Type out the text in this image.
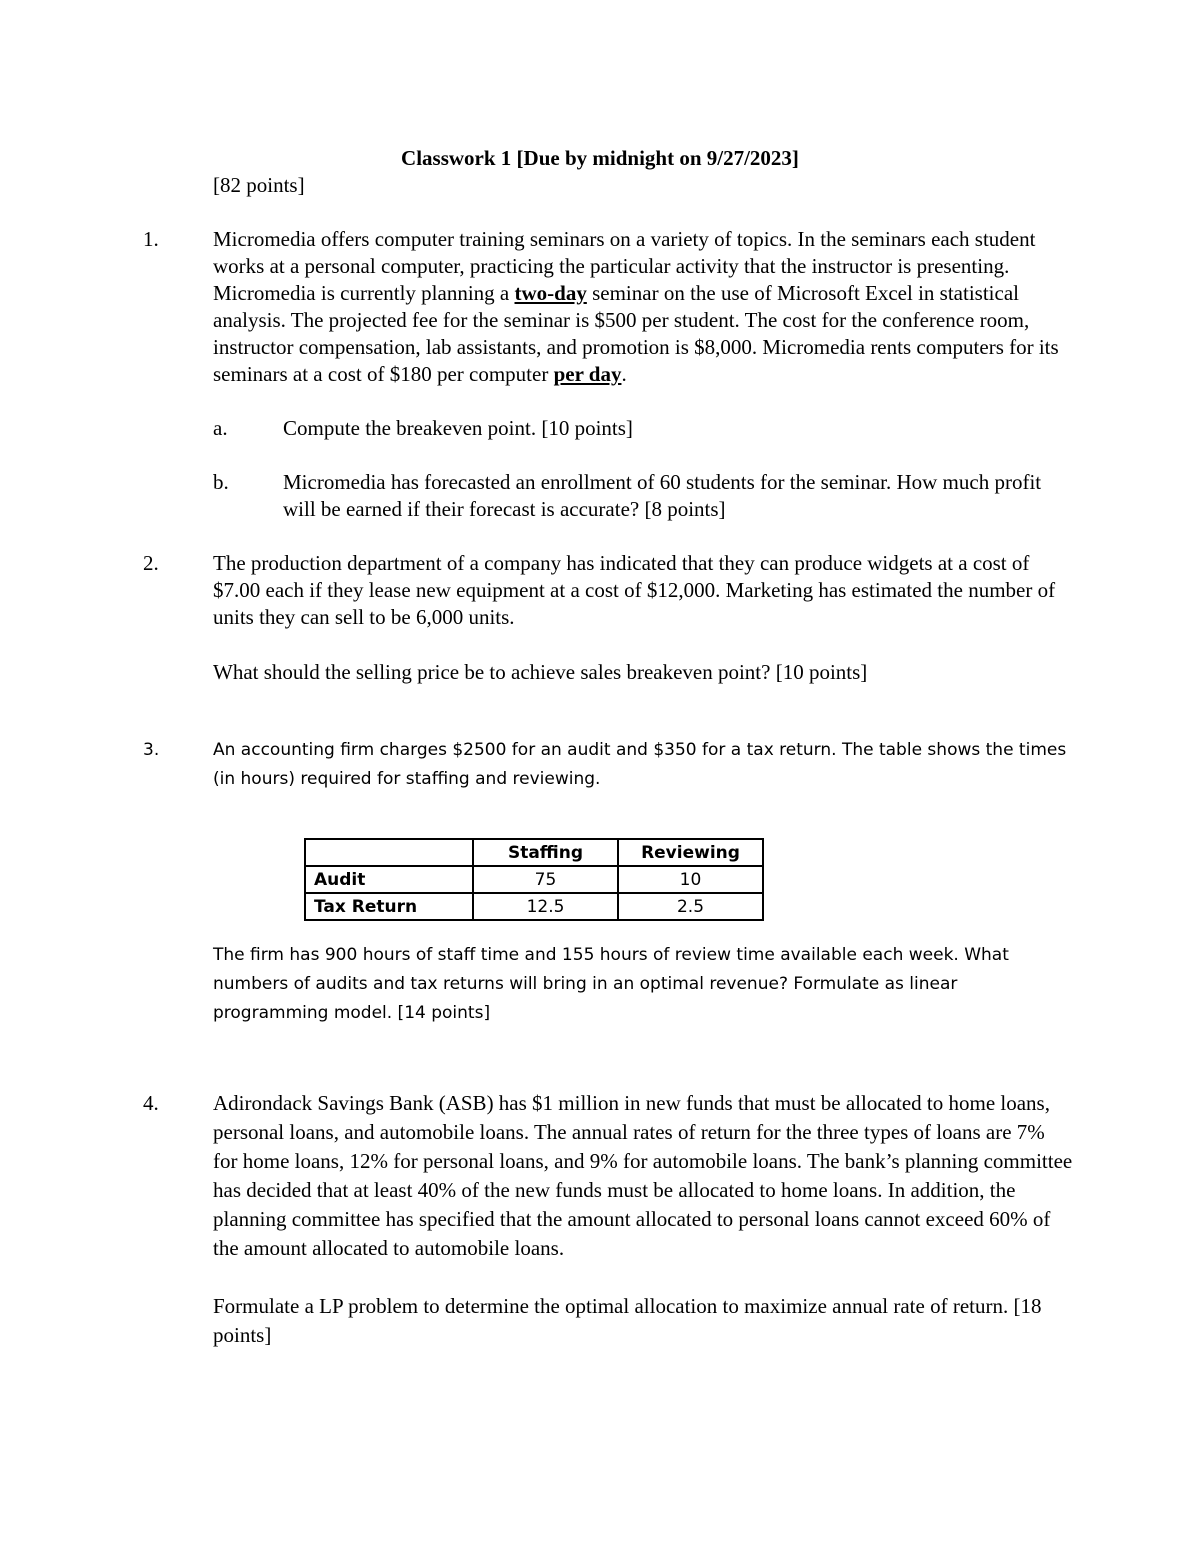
Classwork 1 [Due by midnight on 9/27/2023]
[82 points]
1.	Micromedia offers computer training seminars on a variety of topics. In the seminars each student works at a personal computer, practicing the particular activity that the instructor is presenting. Micromedia is currently planning a two-day seminar on the use of Microsoft Excel in statistical analysis. The projected fee for the seminar is $500 per student. The cost for the conference room, instructor compensation, lab assistants, and promotion is $8,000. Micromedia rents computers for its seminars at a cost of $180 per computer per day.
a.	Compute the breakeven point. [10 points]
b.	Micromedia has forecasted an enrollment of 60 students for the seminar. How much profit will be earned if their forecast is accurate? [8 points]
2.	The production department of a company has indicated that they can produce widgets at a cost of $7.00 each if they lease new equipment at a cost of $12,000. Marketing has estimated the number of units they can sell to be 6,000 units.
What should the selling price be to achieve sales breakeven point? [10 points]
3.	An accounting firm charges $2500 for an audit and $350 for a tax return. The table shows the times (in hours) required for staffing and reviewing.
	Staffing	Reviewing
Audit	75	10
Tax Return	12.5	2.5
The firm has 900 hours of staff time and 155 hours of review time available each week. What numbers of audits and tax returns will bring in an optimal revenue? Formulate as linear programming model. [14 points]
4.	Adirondack Savings Bank (ASB) has $1 million in new funds that must be allocated to home loans, personal loans, and automobile loans. The annual rates of return for the three types of loans are 7% for home loans, 12% for personal loans, and 9% for automobile loans. The bank’s planning committee has decided that at least 40% of the new funds must be allocated to home loans. In addition, the planning committee has specified that the amount allocated to personal loans cannot exceed 60% of the amount allocated to automobile loans.
Formulate a LP problem to determine the optimal allocation to maximize annual rate of return. [18 points]
